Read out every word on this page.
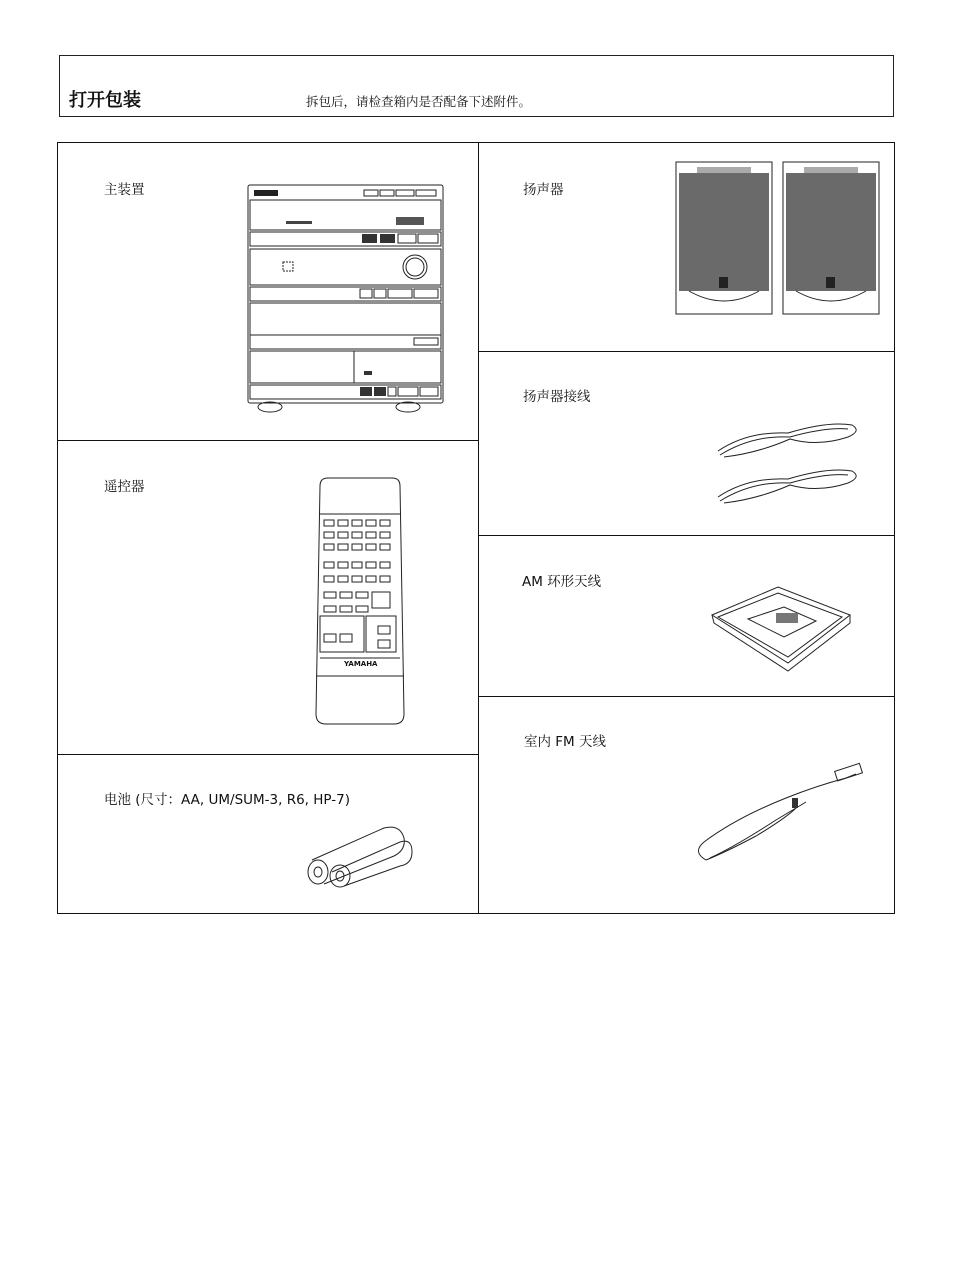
打开包装	拆包后，请检查箱内是否配备下述附件。
主装置
遥控器
YAMAHA
电池 (尺寸：AA, UM/SUM-3, R6, HP-7)
扬声器
扬声器接线
AM 环形天线
室内 FM 天线
